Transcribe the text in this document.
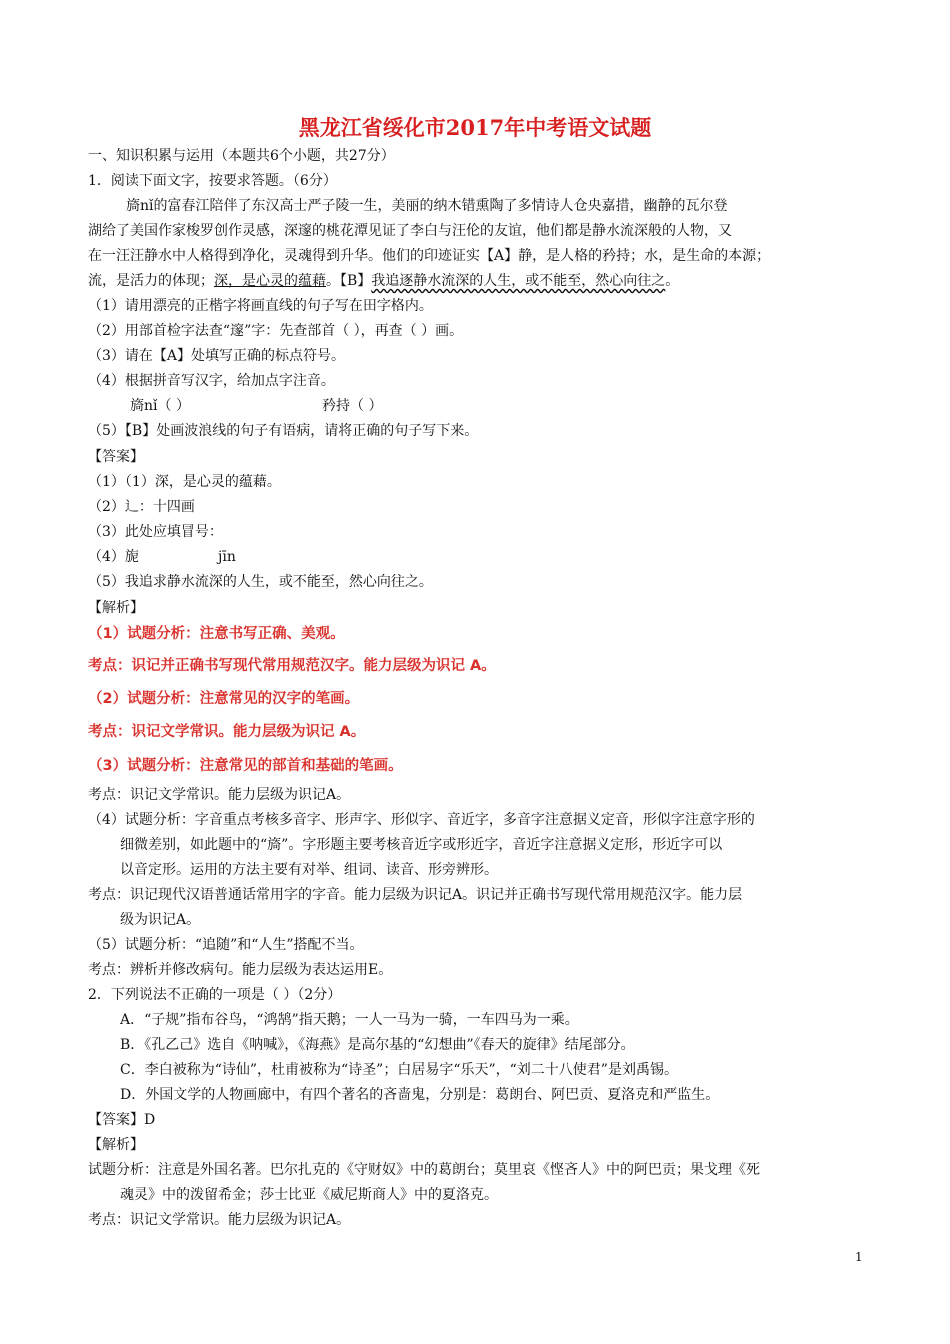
黑龙江省绥化市2017年中考语文试题
一、知识积累与运用（本题共6个小题，共27分）
1．阅读下面文字，按要求答题。（6分）
旖nǐ的富春江陪伴了东汉高士严子陵一生，美丽的纳木错熏陶了多情诗人仓央嘉措，幽静的瓦尔登
湖给了美国作家梭罗创作灵感，深邃的桃花潭见证了李白与汪伦的友谊，他们都是静水流深般的人物，又
在一汪汪静水中人格得到净化，灵魂得到升华。他们的印迹证实【A】静，是人格的矜持；水，是生命的本源；
流，是活力的体现；深，是心灵的蕴藉。【B】我追逐静水流深的人生，或不能至，然心向往之。
（1）请用漂亮的正楷字将画直线的句子写在田字格内。
（2）用部首检字法查“邃”字：先查部首（ ），再查（ ）画。
（3）请在【A】处填写正确的标点符号。
（4）根据拼音写汉字，给加点字注音。
旖nǐ（ ）	矜持（ ）
（5）【B】处画波浪线的句子有语病，请将正确的句子写下来。
【答案】
（1）（1）深，是心灵的蕴藉。
（2）辶：十四画
（3）此处应填冒号：
（4）旎	jīn
（5）我追求静水流深的人生，或不能至，然心向往之。
【解析】
（1）试题分析：注意书写正确、美观。
考点：识记并正确书写现代常用规范汉字。能力层级为识记 A。
（2）试题分析：注意常见的汉字的笔画。
考点：识记文学常识。能力层级为识记 A。
（3）试题分析：注意常见的部首和基础的笔画。
考点：识记文学常识。能力层级为识记A。
（4）试题分析：字音重点考核多音字、形声字、形似字、音近字，多音字注意据义定音，形似字注意字形的
细微差别，如此题中的“旖”。字形题主要考核音近字或形近字，音近字注意据义定形，形近字可以
以音定形。运用的方法主要有对举、组词、读音、形旁辨形。
考点：识记现代汉语普通话常用字的字音。能力层级为识记A。识记并正确书写现代常用规范汉字。能力层
级为识记A。
（5）试题分析：“追随”和“人生”搭配不当。
考点：辨析并修改病句。能力层级为表达运用E。
2．下列说法不正确的一项是（ ）（2分）
A．“子规”指布谷鸟，“鸿鹄”指天鹅；一人一马为一骑，一车四马为一乘。
B．《孔乙己》选自《呐喊》，《海燕》是高尔基的“幻想曲”《春天的旋律》结尾部分。
C．李白被称为“诗仙”，杜甫被称为“诗圣”；白居易字“乐天”，“刘二十八使君”是刘禹锡。
D．外国文学的人物画廊中，有四个著名的吝啬鬼，分别是：葛朗台、阿巴贡、夏洛克和严监生。
【答案】D
【解析】
试题分析：注意是外国名著。巴尔扎克的《守财奴》中的葛朗台；莫里哀《悭吝人》中的阿巴贡；果戈理《死
魂灵》中的泼留希金；莎士比亚《威尼斯商人》中的夏洛克。
考点：识记文学常识。能力层级为识记A。
1
